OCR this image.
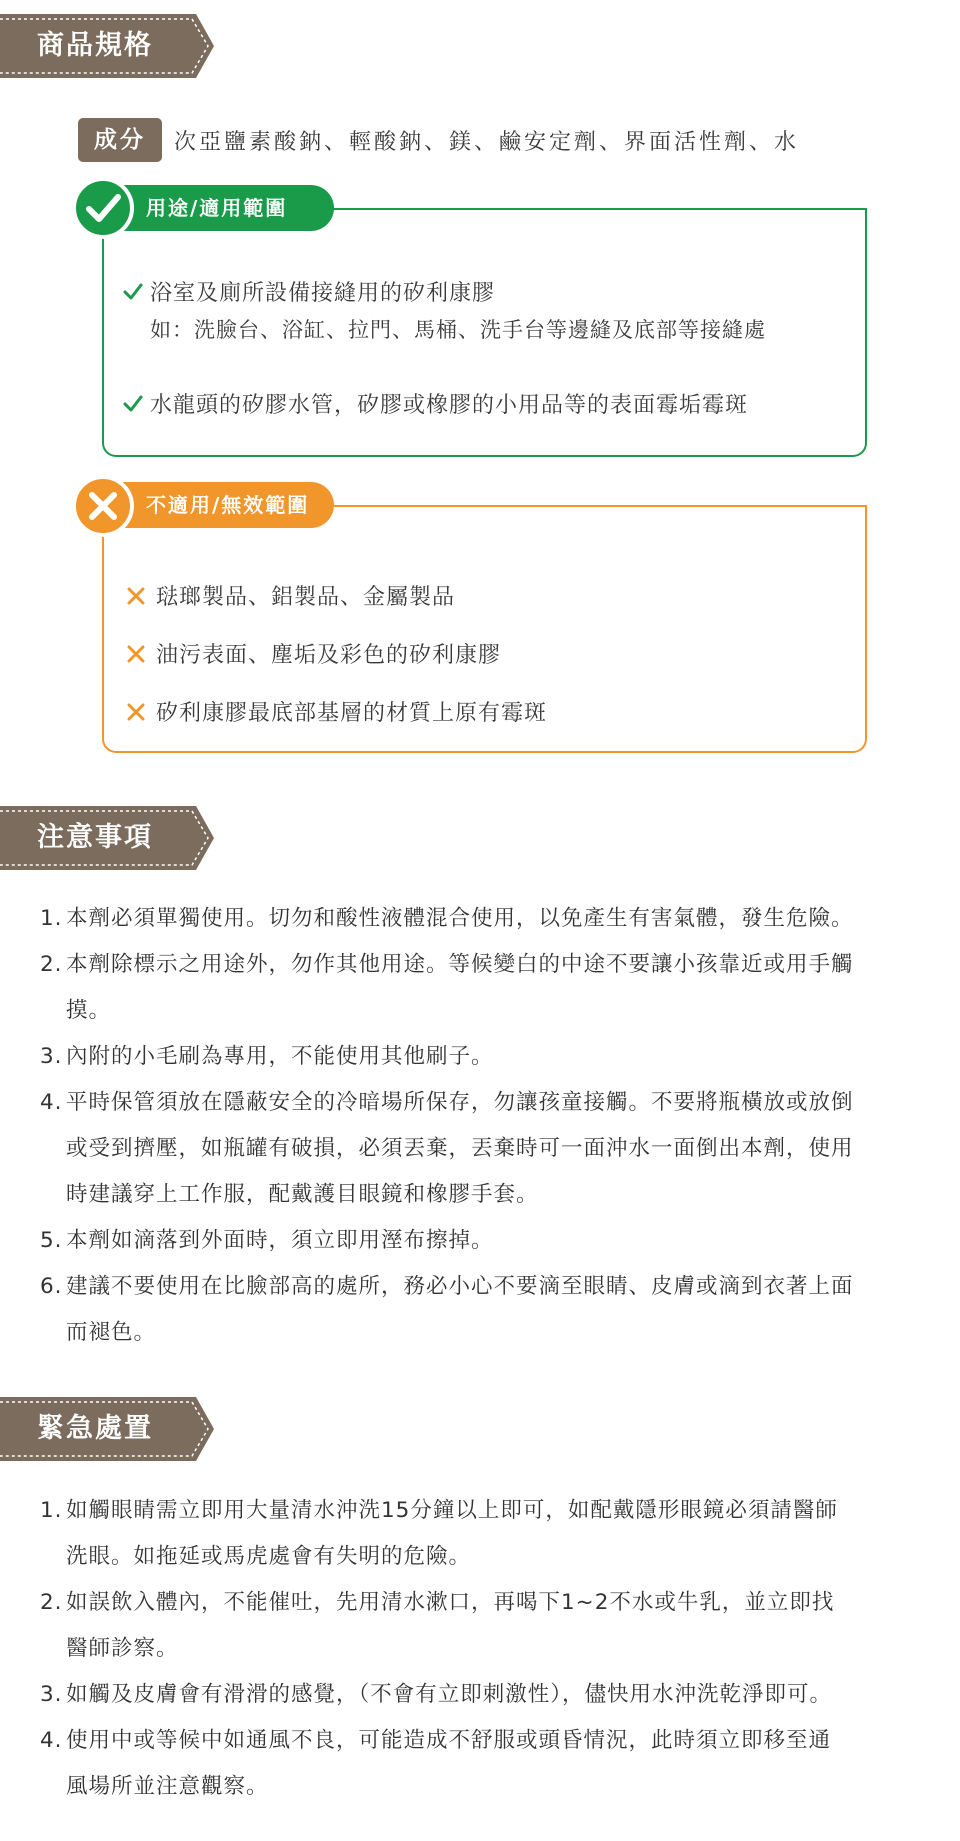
商品規格
成分	次亞鹽素酸鈉、輕酸鈉、鎂、鹼安定劑、界面活性劑、水
用途/適用範圍
浴室及廁所設備接縫用的矽利康膠
如：洗臉台、浴缸、拉門、馬桶、洗手台等邊縫及底部等接縫處
水龍頭的矽膠水管，矽膠或橡膠的小用品等的表面霉垢霉斑
不適用/無效範圍
琺瑯製品、鋁製品、金屬製品
油污表面、塵垢及彩色的矽利康膠
矽利康膠最底部基層的材質上原有霉斑
注意事項
1. 本劑必須單獨使用。切勿和酸性液體混合使用，以免產生有害氣體，發生危險。
2. 本劑除標示之用途外，勿作其他用途。等候變白的中途不要讓小孩靠近或用手觸
摸。
3. 內附的小毛刷為專用，不能使用其他刷子。
4. 平時保管須放在隱蔽安全的冷暗場所保存，勿讓孩童接觸。不要將瓶橫放或放倒
或受到擠壓，如瓶罐有破損，必須丟棄，丟棄時可一面沖水一面倒出本劑，使用
時建議穿上工作服，配戴護目眼鏡和橡膠手套。
5. 本劑如滴落到外面時，須立即用溼布擦掉。
6. 建議不要使用在比臉部高的處所，務必小心不要滴至眼睛、皮膚或滴到衣著上面
而褪色。
緊急處置
1. 如觸眼睛需立即用大量清水沖洗15分鐘以上即可，如配戴隱形眼鏡必須請醫師
洗眼。如拖延或馬虎處會有失明的危險。
2. 如誤飲入體內，不能催吐，先用清水漱口，再喝下1~2不水或牛乳，並立即找
醫師診察。
3. 如觸及皮膚會有滑滑的感覺，（不會有立即刺激性），儘快用水沖洗乾淨即可。
4. 使用中或等候中如通風不良，可能造成不舒服或頭昏情況，此時須立即移至通
風場所並注意觀察。
